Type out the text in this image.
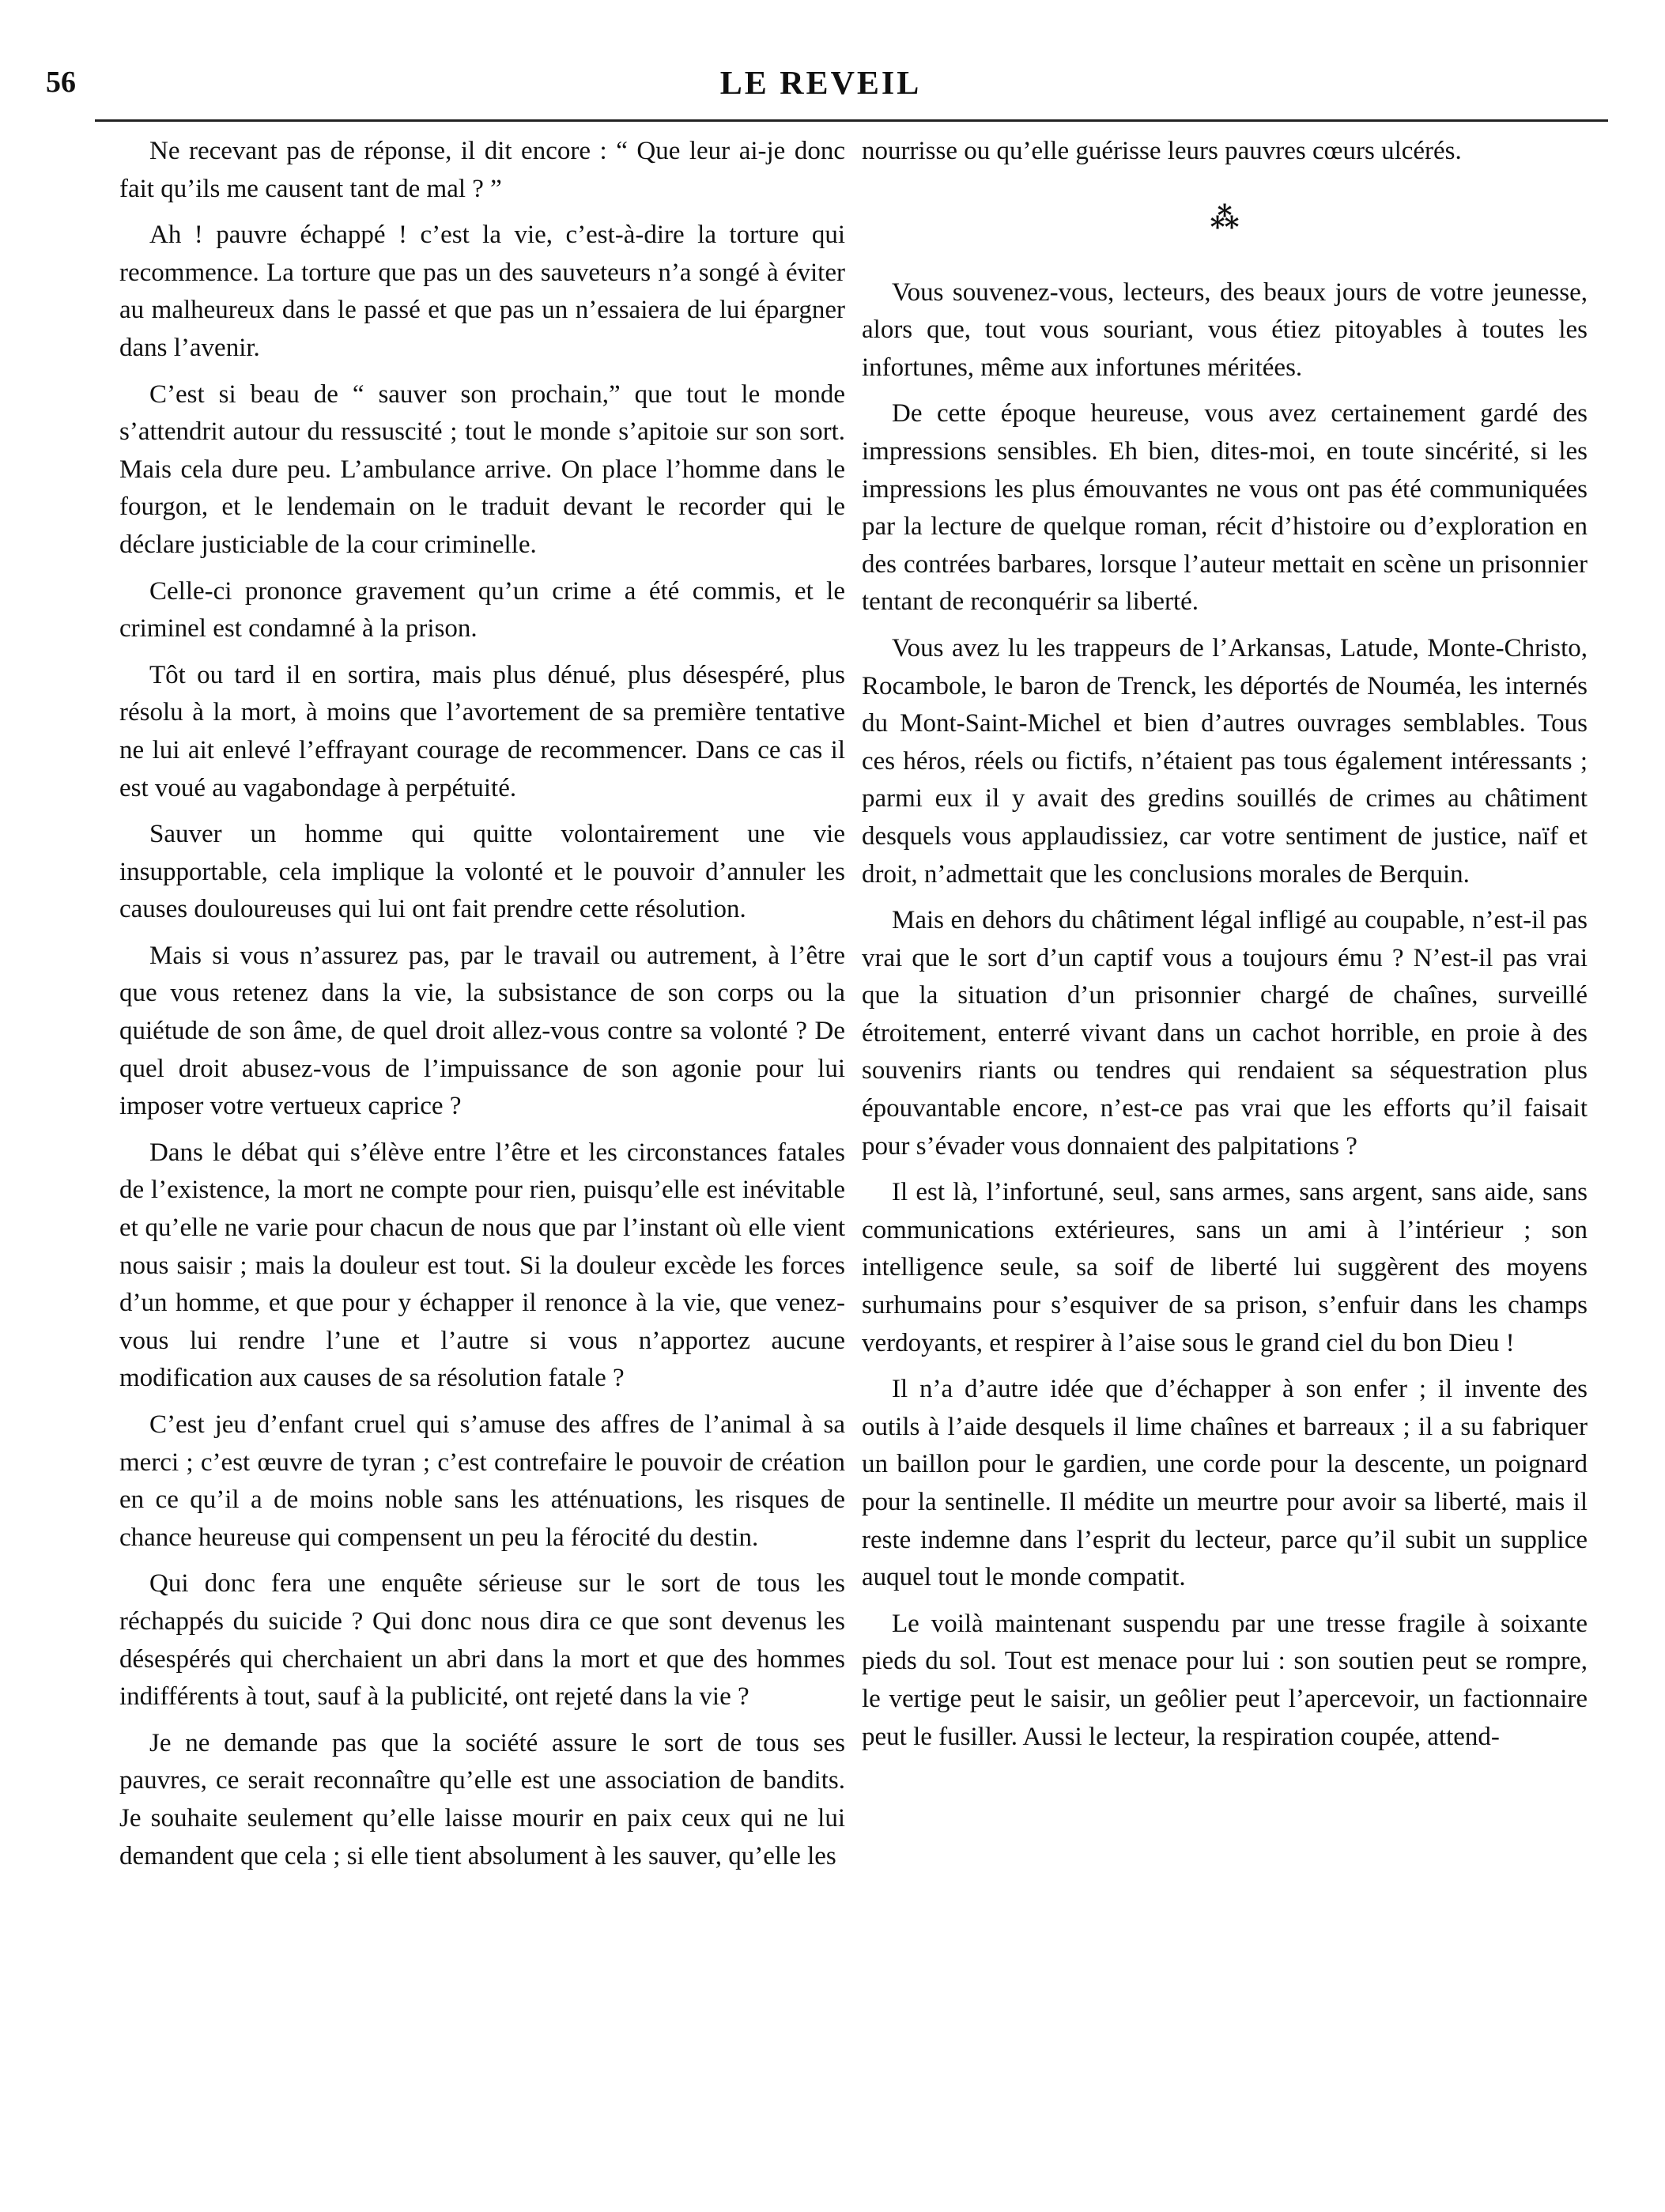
56	LE REVEIL

Ne recevant pas de réponse, il dit encore : “ Que leur ai-je donc fait qu’ils me causent tant de mal ? ”

Ah ! pauvre échappé ! c’est la vie, c’est-à-dire la torture qui recommence. La torture que pas un des sauveteurs n’a songé à éviter au malheureux dans le passé et que pas un n’essaiera de lui épargner dans l’avenir.

C’est si beau de “ sauver son prochain,” que tout le monde s’attendrit autour du ressuscité ; tout le monde s’apitoie sur son sort. Mais cela dure peu. L’ambulance arrive. On place l’homme dans le fourgon, et le lendemain on le traduit devant le recorder qui le déclare justiciable de la cour criminelle.

Celle-ci prononce gravement qu’un crime a été commis, et le criminel est condamné à la prison.

Tôt ou tard il en sortira, mais plus dénué, plus désespéré, plus résolu à la mort, à moins que l’avortement de sa première tentative ne lui ait enlevé l’effrayant courage de recommencer. Dans ce cas il est voué au vagabondage à perpétuité.

Sauver un homme qui quitte volontairement une vie insupportable, cela implique la volonté et le pouvoir d’annuler les causes douloureuses qui lui ont fait prendre cette résolution.

Mais si vous n’assurez pas, par le travail ou autrement, à l’être que vous retenez dans la vie, la subsistance de son corps ou la quiétude de son âme, de quel droit allez-vous contre sa volonté ? De quel droit abusez-vous de l’impuissance de son agonie pour lui imposer votre vertueux caprice ?

Dans le débat qui s’élève entre l’être et les circonstances fatales de l’existence, la mort ne compte pour rien, puisqu’elle est inévitable et qu’elle ne varie pour chacun de nous que par l’instant où elle vient nous saisir ; mais la douleur est tout. Si la douleur excède les forces d’un homme, et que pour y échapper il renonce à la vie, que venez-vous lui rendre l’une et l’autre si vous n’apportez aucune modification aux causes de sa résolution fatale ?

C’est jeu d’enfant cruel qui s’amuse des affres de l’animal à sa merci ; c’est œuvre de tyran ; c’est contrefaire le pouvoir de création en ce qu’il a de moins noble sans les atténuations, les risques de chance heureuse qui compensent un peu la férocité du destin.

Qui donc fera une enquête sérieuse sur le sort de tous les réchappés du suicide ? Qui donc nous dira ce que sont devenus les désespérés qui cherchaient un abri dans la mort et que des hommes indifférents à tout, sauf à la publicité, ont rejeté dans la vie ?

Je ne demande pas que la société assure le sort de tous ses pauvres, ce serait reconnaître qu’elle est une association de bandits. Je souhaite seulement qu’elle laisse mourir en paix ceux qui ne lui demandent que cela ; si elle tient absolument à les sauver, qu’elle les

nourrisse ou qu’elle guérisse leurs pauvres cœurs ulcérés.

⁂

Vous souvenez-vous, lecteurs, des beaux jours de votre jeunesse, alors que, tout vous souriant, vous étiez pitoyables à toutes les infortunes, même aux infortunes méritées.

De cette époque heureuse, vous avez certainement gardé des impressions sensibles. Eh bien, dites-moi, en toute sincérité, si les impressions les plus émouvantes ne vous ont pas été communiquées par la lecture de quelque roman, récit d’histoire ou d’exploration en des contrées barbares, lorsque l’auteur mettait en scène un prisonnier tentant de reconquérir sa liberté.

Vous avez lu les trappeurs de l’Arkansas, Latude, Monte-Christo, Rocambole, le baron de Trenck, les déportés de Nouméa, les internés du Mont-Saint-Michel et bien d’autres ouvrages semblables. Tous ces héros, réels ou fictifs, n’étaient pas tous également intéressants ; parmi eux il y avait des gredins souillés de crimes au châtiment desquels vous applaudissiez, car votre sentiment de justice, naïf et droit, n’admettait que les conclusions morales de Berquin.

Mais en dehors du châtiment légal infligé au coupable, n’est-il pas vrai que le sort d’un captif vous a toujours ému ? N’est-il pas vrai que la situation d’un prisonnier chargé de chaînes, surveillé étroitement, enterré vivant dans un cachot horrible, en proie à des souvenirs riants ou tendres qui rendaient sa séquestration plus épouvantable encore, n’est-ce pas vrai que les efforts qu’il faisait pour s’évader vous donnaient des palpitations ?

Il est là, l’infortuné, seul, sans armes, sans argent, sans aide, sans communications extérieures, sans un ami à l’intérieur ; son intelligence seule, sa soif de liberté lui suggèrent des moyens surhumains pour s’esquiver de sa prison, s’enfuir dans les champs verdoyants, et respirer à l’aise sous le grand ciel du bon Dieu !

Il n’a d’autre idée que d’échapper à son enfer ; il invente des outils à l’aide desquels il lime chaînes et barreaux ; il a su fabriquer un baillon pour le gardien, une corde pour la descente, un poignard pour la sentinelle. Il médite un meurtre pour avoir sa liberté, mais il reste indemne dans l’esprit du lecteur, parce qu’il subit un supplice auquel tout le monde compatit.

Le voilà maintenant suspendu par une tresse fragile à soixante pieds du sol. Tout est menace pour lui : son soutien peut se rompre, le vertige peut le saisir, un geôlier peut l’apercevoir, un factionnaire peut le fusiller. Aussi le lecteur, la respiration coupée, attend-
